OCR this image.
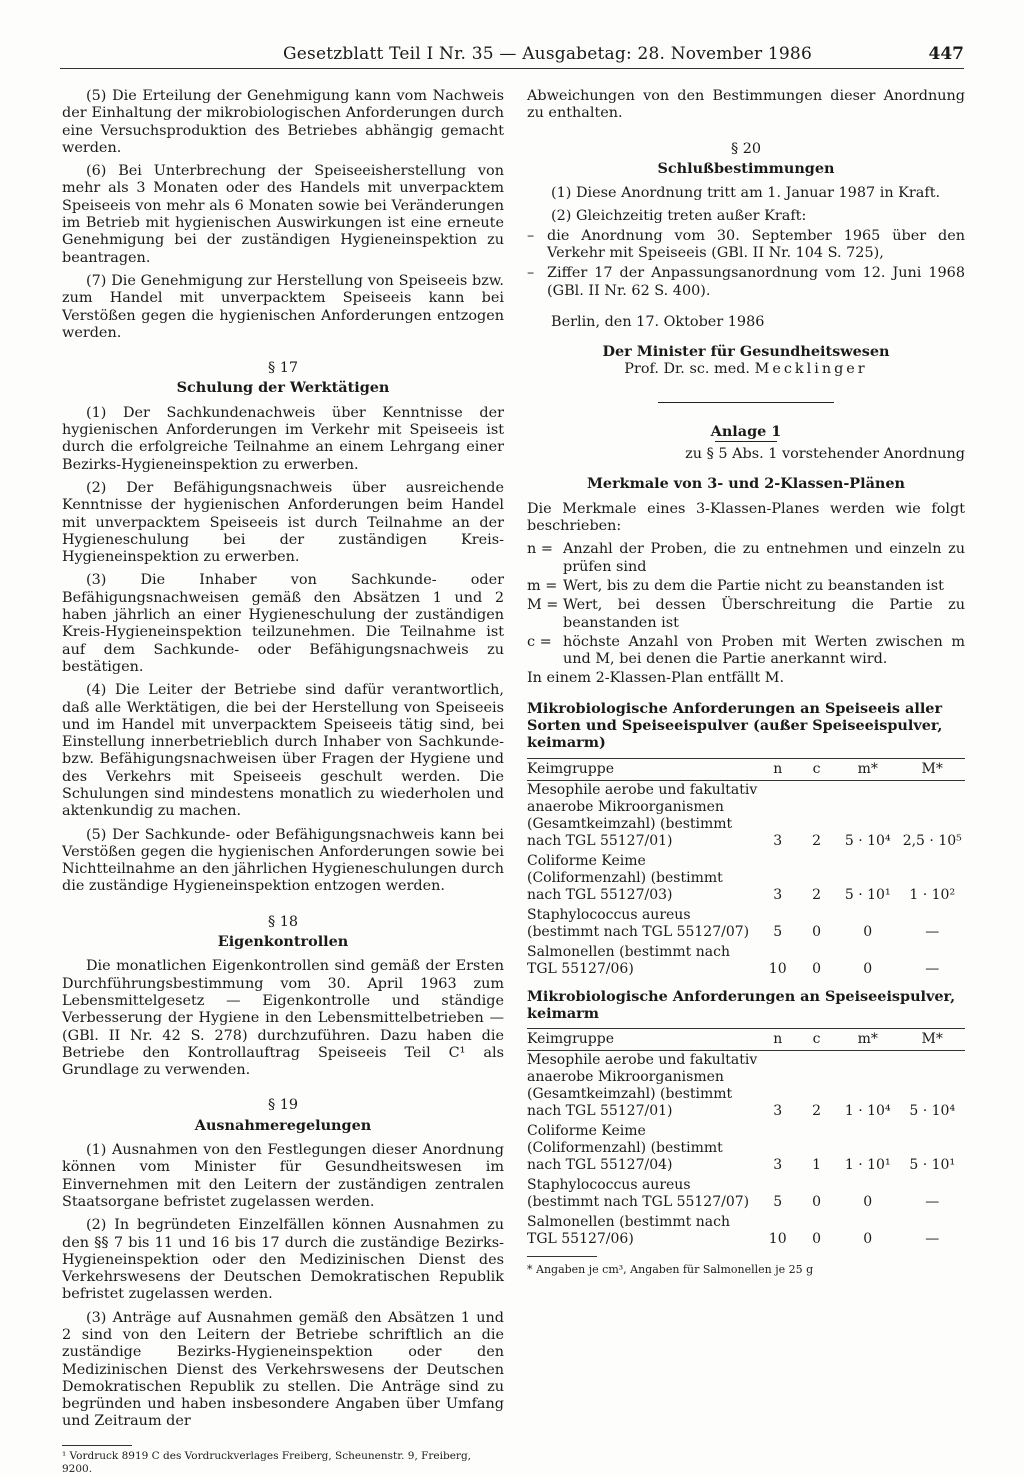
Gesetzblatt Teil I Nr. 35 — Ausgabetag: 28. November 1986	447

(5) Die Erteilung der Genehmigung kann vom Nachweis der Einhaltung der mikrobiologischen Anforderungen durch eine Versuchsproduktion des Betriebes abhängig gemacht werden.

(6) Bei Unterbrechung der Speiseeisherstellung von mehr als 3 Monaten oder des Handels mit unverpacktem Speiseeis von mehr als 6 Monaten sowie bei Veränderungen im Betrieb mit hygienischen Auswirkungen ist eine erneute Genehmigung bei der zuständigen Hygieneinspektion zu beantragen.

(7) Die Genehmigung zur Herstellung von Speiseeis bzw. zum Handel mit unverpacktem Speiseeis kann bei Verstößen gegen die hygienischen Anforderungen entzogen werden.

§ 17
Schulung der Werktätigen

(1) Der Sachkundenachweis über Kenntnisse der hygienischen Anforderungen im Verkehr mit Speiseeis ist durch die erfolgreiche Teilnahme an einem Lehrgang einer Bezirks-Hygieneinspektion zu erwerben.

(2) Der Befähigungsnachweis über ausreichende Kenntnisse der hygienischen Anforderungen beim Handel mit unverpacktem Speiseeis ist durch Teilnahme an der Hygieneschulung bei der zuständigen Kreis-Hygieneinspektion zu erwerben.

(3) Die Inhaber von Sachkunde- oder Befähigungsnachweisen gemäß den Absätzen 1 und 2 haben jährlich an einer Hygieneschulung der zuständigen Kreis-Hygieneinspektion teilzunehmen. Die Teilnahme ist auf dem Sachkunde- oder Befähigungsnachweis zu bestätigen.

(4) Die Leiter der Betriebe sind dafür verantwortlich, daß alle Werktätigen, die bei der Herstellung von Speiseeis und im Handel mit unverpacktem Speiseeis tätig sind, bei Einstellung innerbetrieblich durch Inhaber von Sachkunde- bzw. Befähigungsnachweisen über Fragen der Hygiene und des Verkehrs mit Speiseeis geschult werden. Die Schulungen sind mindestens monatlich zu wiederholen und aktenkundig zu machen.

(5) Der Sachkunde- oder Befähigungsnachweis kann bei Verstößen gegen die hygienischen Anforderungen sowie bei Nichtteilnahme an den jährlichen Hygieneschulungen durch die zuständige Hygieneinspektion entzogen werden.

§ 18
Eigenkontrollen

Die monatlichen Eigenkontrollen sind gemäß der Ersten Durchführungsbestimmung vom 30. April 1963 zum Lebensmittelgesetz — Eigenkontrolle und ständige Verbesserung der Hygiene in den Lebensmittelbetrieben — (GBl. II Nr. 42 S. 278) durchzuführen. Dazu haben die Betriebe den Kontrollauftrag Speiseeis Teil C¹ als Grundlage zu verwenden.

§ 19
Ausnahmeregelungen

(1) Ausnahmen von den Festlegungen dieser Anordnung können vom Minister für Gesundheitswesen im Einvernehmen mit den Leitern der zuständigen zentralen Staatsorgane befristet zugelassen werden.

(2) In begründeten Einzelfällen können Ausnahmen zu den §§ 7 bis 11 und 16 bis 17 durch die zuständige Bezirks-Hygieneinspektion oder den Medizinischen Dienst des Verkehrswesens der Deutschen Demokratischen Republik befristet zugelassen werden.

(3) Anträge auf Ausnahmen gemäß den Absätzen 1 und 2 sind von den Leitern der Betriebe schriftlich an die zuständige Bezirks-Hygieneinspektion oder den Medizinischen Dienst des Verkehrswesens der Deutschen Demokratischen Republik zu stellen. Die Anträge sind zu begründen und haben insbesondere Angaben über Umfang und Zeitraum der

¹ Vordruck 8919 C des Vordruckverlages Freiberg, Scheunenstr. 9, Freiberg, 9200.

Abweichungen von den Bestimmungen dieser Anordnung zu enthalten.

§ 20
Schlußbestimmungen

(1) Diese Anordnung tritt am 1. Januar 1987 in Kraft.

(2) Gleichzeitig treten außer Kraft:

– die Anordnung vom 30. September 1965 über den Verkehr mit Speiseeis (GBl. II Nr. 104 S. 725),
– Ziffer 17 der Anpassungsanordnung vom 12. Juni 1968 (GBl. II Nr. 62 S. 400).

Berlin, den 17. Oktober 1986

Der Minister für Gesundheitswesen
Prof. Dr. sc. med. Mecklinger
Anlage 1
zu § 5 Abs. 1 vorstehender Anordnung
Merkmale von 3- und 2-Klassen-Plänen

Die Merkmale eines 3-Klassen-Planes werden wie folgt beschrieben:

n = Anzahl der Proben, die zu entnehmen und einzeln zu prüfen sind
m = Wert, bis zu dem die Partie nicht zu beanstanden ist
M = Wert, bei dessen Überschreitung die Partie zu beanstanden ist
c = höchste Anzahl von Proben mit Werten zwischen m und M, bei denen die Partie anerkannt wird.

In einem 2-Klassen-Plan entfällt M.

Mikrobiologische Anforderungen an Speiseeis aller Sorten und Speiseeispulver (außer Speiseeispulver, keimarm)
Keimgruppe	n	c	m*	M*
Mesophile aerobe und fakultativ anaerobe Mikroorganismen (Gesamtkeimzahl) (bestimmt nach TGL 55127/01)	3	2	5 · 10⁴	2,5 · 10⁵
Coliforme Keime (Coliformenzahl) (bestimmt nach TGL 55127/03)	3	2	5 · 10¹	1 · 10²
Staphylococcus aureus (bestimmt nach TGL 55127/07)	5	0	0	—
Salmonellen (bestimmt nach TGL 55127/06)	10	0	0	—
Mikrobiologische Anforderungen an Speiseeispulver, keimarm
Keimgruppe	n	c	m*	M*
Mesophile aerobe und fakultativ anaerobe Mikroorganismen (Gesamtkeimzahl) (bestimmt nach TGL 55127/01)	3	2	1 · 10⁴	5 · 10⁴
Coliforme Keime (Coliformenzahl) (bestimmt nach TGL 55127/04)	3	1	1 · 10¹	5 · 10¹
Staphylococcus aureus (bestimmt nach TGL 55127/07)	5	0	0	—
Salmonellen (bestimmt nach TGL 55127/06)	10	0	0	—
* Angaben je cm³, Angaben für Salmonellen je 25 g
